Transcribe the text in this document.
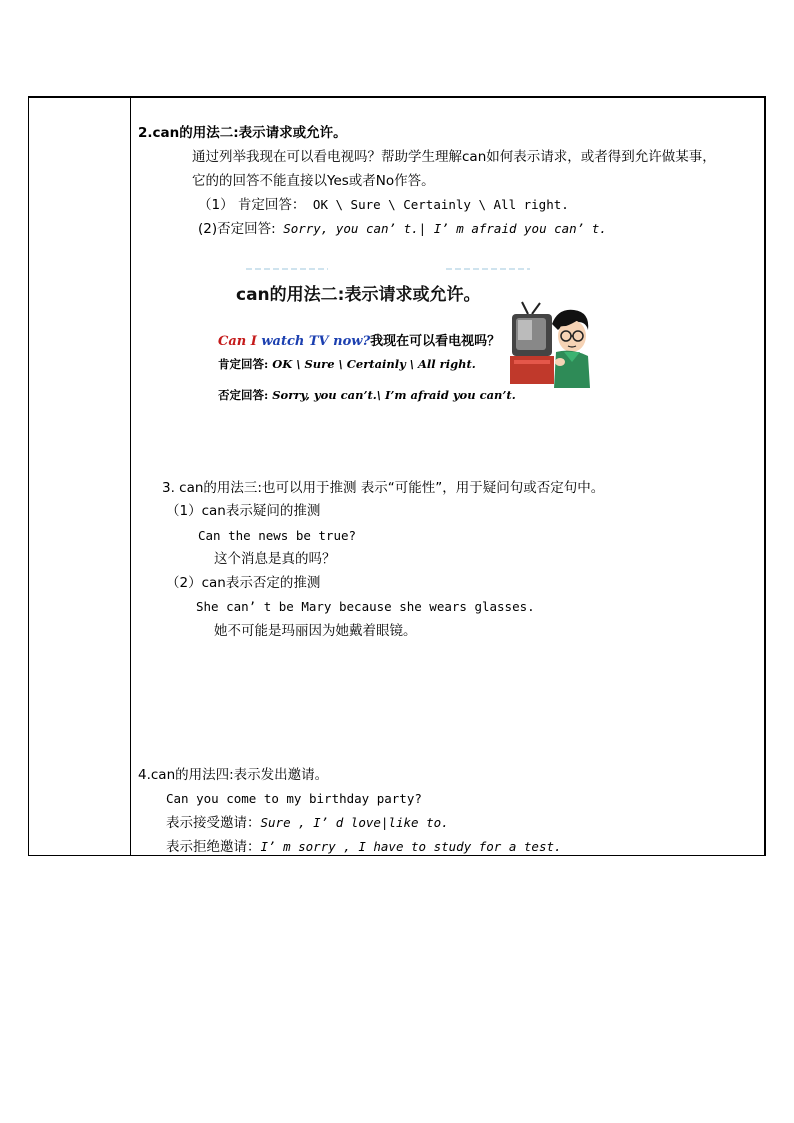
2.can的用法二:表示请求或允许。
通过列举我现在可以看电视吗？帮助学生理解can如何表示请求，或者得到允许做某事，
它的的回答不能直接以Yes或者No作答。
（1） 肯定回答： OK \ Sure \ Certainly \ All right.
(2)否定回答: Sorry, you can’ t.| I’ m afraid you can’ t.
can的用法二:表示请求或允许。
Can I watch TV now?我现在可以看电视吗？
肯定回答: OK \ Sure \ Certainly \ All right.
否定回答: Sorry, you can’t.\ I’m afraid you can’t.
3. can的用法三:也可以用于推测 表示“可能性”，用于疑问句或否定句中。
（1）can表示疑问的推测
Can the news be true?
这个消息是真的吗？
（2）can表示否定的推测
She can’ t be Mary because she wears glasses.
她不可能是玛丽因为她戴着眼镜。
4.can的用法四:表示发出邀请。
Can you come to my birthday party?
表示接受邀请：Sure , I’ d love|like to.
表示拒绝邀请：I’ m sorry , I have to study for a test.
